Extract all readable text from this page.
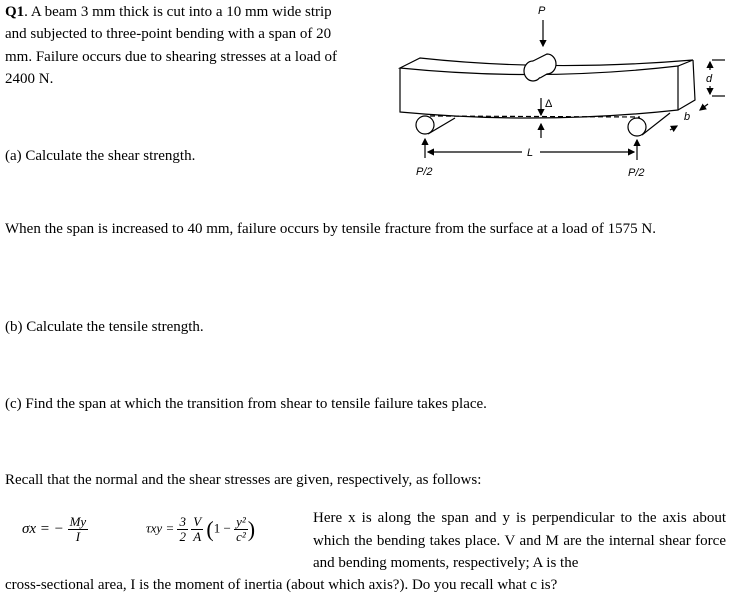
Q1. A beam 3 mm thick is cut into a 10 mm wide strip
and subjected to three-point bending with a span of 20
mm. Failure occurs due to shearing stresses at a load of
2400 N.
(a) Calculate the shear strength.
When the span is increased to 40 mm, failure occurs by tensile fracture from the surface at a load of 1575 N.
(b) Calculate the tensile strength.
(c) Find the span at which the transition from shear to tensile failure takes place.
Recall that the normal and the shear stresses are given, respectively, as follows:
σx = − $\frac{My}{I}$	$\tau xy = \frac{3}{2}$
$\frac{V}{A} (1 - \frac{\text{y²}}{\text{c²}}$ )	Here x is along the span and y is perpendicular to the axis about which the bending takes place. V and M are the internal shear force and bending moments, respectively; A is the
cross-sectional area, I is the moment of inertia (about which axis?). Do you recall what c is?
P
P/2	P/2
L
Δ
d
b
